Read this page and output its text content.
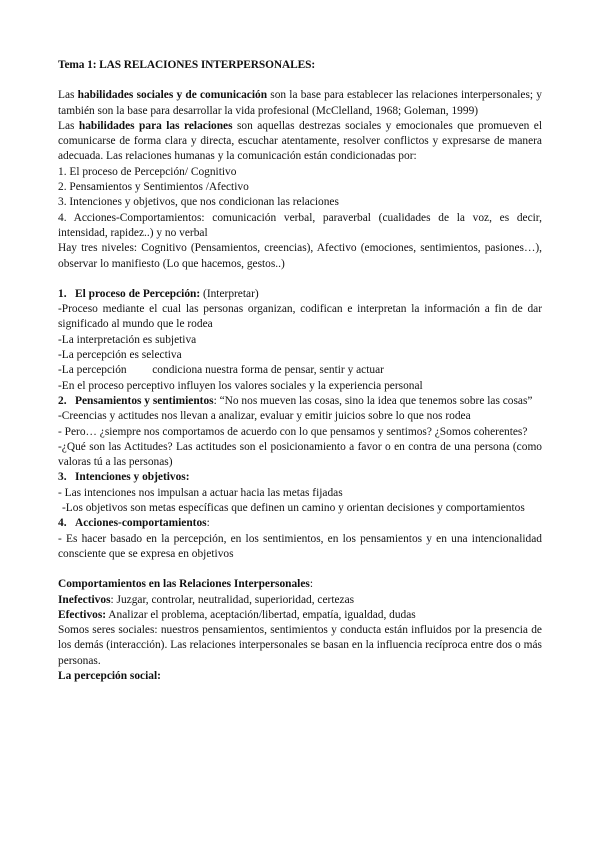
Tema 1: LAS RELACIONES INTERPERSONALES:

Las habilidades sociales y de comunicación son la base para establecer las relaciones interpersonales; y también son la base para desarrollar la vida profesional (McClelland, 1968; Goleman, 1999)

Las habilidades para las relaciones son aquellas destrezas sociales y emocionales que promueven el comunicarse de forma clara y directa, escuchar atentamente, resolver conflictos y expresarse de manera adecuada. Las relaciones humanas y la comunicación están condicionadas por:

1. El proceso de Percepción/ Cognitivo

2. Pensamientos y Sentimientos /Afectivo

3. Intenciones y objetivos, que nos condicionan las relaciones

4. Acciones-Comportamientos: comunicación verbal, paraverbal (cualidades de la voz, es decir, intensidad, rapidez..) y no verbal

Hay tres niveles: Cognitivo (Pensamientos, creencias), Afectivo (emociones, sentimientos, pasiones…), observar lo manifiesto (Lo que hacemos, gestos..)

1. El proceso de Percepción: (Interpretar)

-Proceso mediante el cual las personas organizan, codifican e interpretan la información a fin de dar significado al mundo que le rodea

-La interpretación es subjetiva

-La percepción es selectiva

-La percepción         condiciona nuestra forma de pensar, sentir y actuar

-En el proceso perceptivo influyen los valores sociales y la experiencia personal

2. Pensamientos y sentimientos: “No nos mueven las cosas, sino la idea que tenemos sobre las cosas”

-Creencias y actitudes nos llevan a analizar, evaluar y emitir juicios sobre lo que nos rodea

- Pero… ¿siempre nos comportamos de acuerdo con lo que pensamos y sentimos? ¿Somos coherentes?

-¿Qué son las Actitudes? Las actitudes son el posicionamiento a favor o en contra de una persona (como valoras tú a las personas)

3. Intenciones y objetivos:

- Las intenciones nos impulsan a actuar hacia las metas fijadas

-Los objetivos son metas específicas que definen un camino y orientan decisiones y comportamientos

4. Acciones-comportamientos:

- Es hacer basado en la percepción, en los sentimientos, en los pensamientos y en una intencionalidad consciente que se expresa en objetivos

Comportamientos en las Relaciones Interpersonales:

Inefectivos: Juzgar, controlar, neutralidad, superioridad, certezas

Efectivos: Analizar el problema, aceptación/libertad, empatía, igualdad, dudas

Somos seres sociales: nuestros pensamientos, sentimientos y conducta están influidos por la presencia de los demás (interacción). Las relaciones interpersonales se basan en la influencia recíproca entre dos o más personas.

La percepción social:
